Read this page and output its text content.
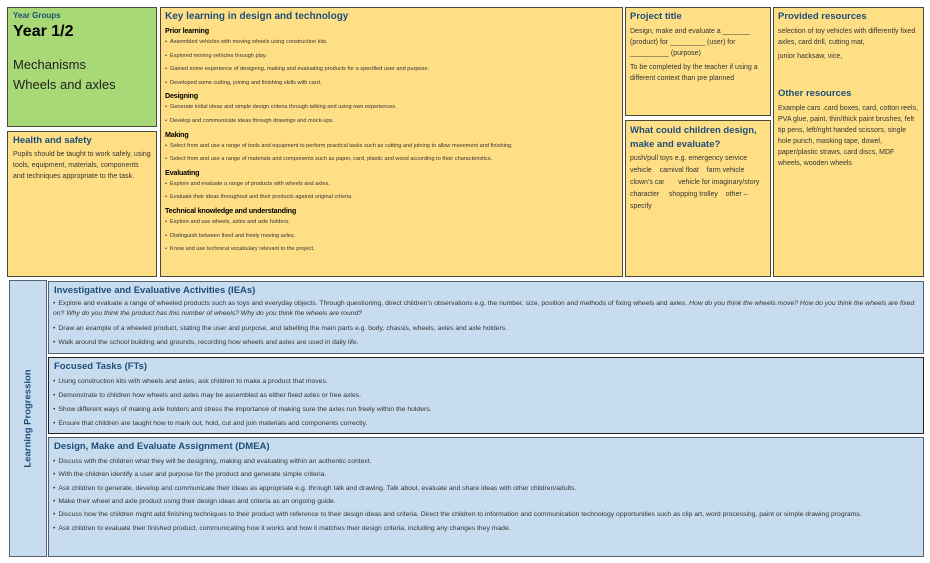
Year Groups
Year 1/2
Mechanisms
Wheels and axles
Health and safety
Pupils should be taught to work safely, using tools, equipment, materials, components and techniques appropriate to the task.
Key learning in design and technology
Prior learning
• Assembled vehicles with moving wheels using construction kits.
• Explored moving vehicles through play.
• Gained some experience of designing, making and evaluating products for a specified user and purpose.
• Developed some cutting, joining and finishing skills with card.
Designing
• Generate initial ideas and simple design criteria through talking and using own experiences.
• Develop and communicate ideas through drawings and mock-ups.
Making
• Select from and use a range of tools and equipment to perform practical tasks such as cutting and joining to allow movement and finishing.
• Select from and use a range of materials and components such as paper, card, plastic and wood according to their characteristics.
Evaluating
• Explore and evaluate a range of products with wheels and axles.
• Evaluate their ideas throughout and their products against original criteria.
Technical knowledge and understanding
• Explore and use wheels, axles and axle holders.
• Distinguish between fixed and freely moving axles.
• Know and use technical vocabulary relevant to the project.
Project title
Design, make and evaluate a _______ (product) for _________ (user) for __________ (purpose)
To be completed by the teacher if using a different context than pre planned
What could children design, make and evaluate?
push/pull toys e.g. emergency service vehicle    carnival float    farm vehicle    clown’s car       vehicle for imaginary/story character     shopping trolley    other – specify
Provided resources
selection of toy vehicles with differently fixed axles, card drill, cutting mat,
junior hacksaw, vice,
Other resources
Example cars .card boxes, card, cotton reels, PVA glue, paint, thin/thick paint brushes, felt tip pens, left/right handed scissors, single hole punch, masking tape, dowel, paper/plastic straws, card discs, MDF wheels, wooden wheels
Learning Progression
Investigative and Evaluative Activities (IEAs)
• Explore and evaluate a range of wheeled products such as toys and everyday objects. Through questioning, direct children’s observations e.g. the number, size, position and methods of fixing wheels and axles. How do you think the wheels move? How do you think the wheels are fixed on? Why do you think the product has this number of wheels? Why do you think the wheels are round?
• Draw an example of a wheeled product, stating the user and purpose, and labelling the main parts e.g. body, chassis, wheels, axles and axle holders.
• Walk around the school building and grounds, recording how wheels and axles are used in daily life.
Focused Tasks (FTs)
• Using construction kits with wheels and axles, ask children to make a product that moves.
• Demonstrate to children how wheels and axles may be assembled as either fixed axles or free axles.
• Show different ways of making axle holders and stress the importance of making sure the axles run freely within the holders.
• Ensure that children are taught how to mark out, hold, cut and join materials and components correctly.
Design, Make and Evaluate Assignment (DMEA)
• Discuss with the children what they will be designing, making and evaluating within an authentic context.
• With the children identify a user and purpose for the product and generate simple criteria.
• Ask children to generate, develop and communicate their ideas as appropriate e.g. through talk and drawing. Talk about, evaluate and share ideas with other children/adults.
• Make their wheel and axle product using their design ideas and criteria as an ongoing guide.
• Discuss how the children might add finishing techniques to their product with reference to their design ideas and criteria. Direct the children to information and communication technology opportunities such as clip art, word processing, paint or simple drawing programs.
• Ask children to evaluate their finished product, communicating how it works and how it matches their design criteria, including any changes they made.
